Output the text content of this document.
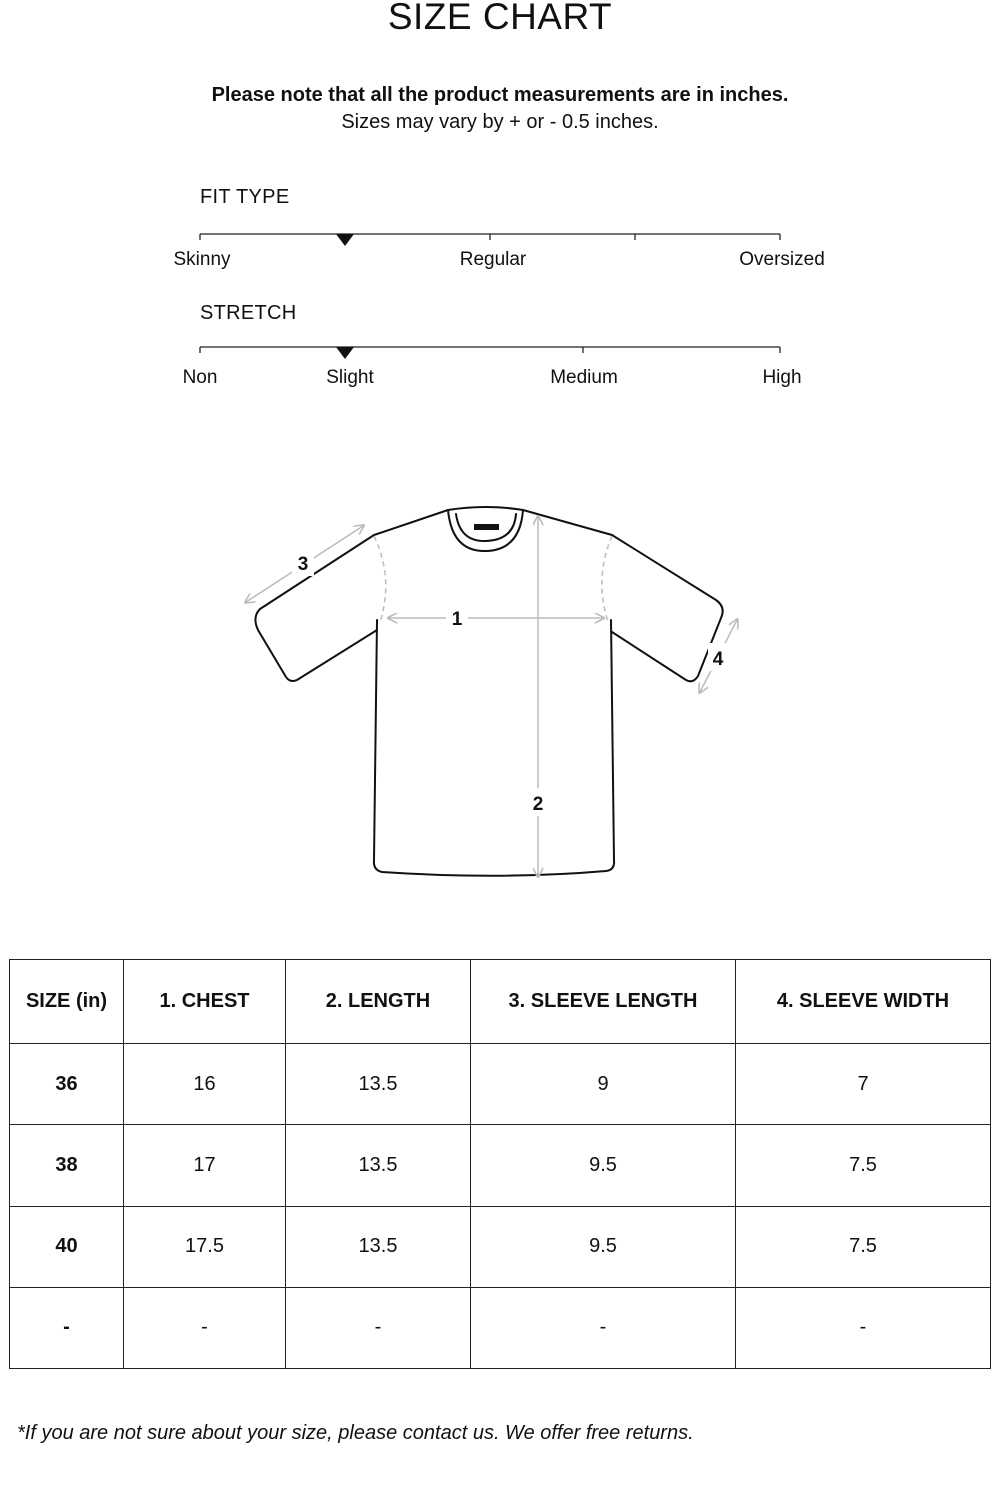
SIZE CHART
Please note that all the product measurements are in inches.
Sizes may vary by + or - 0.5 inches.
FIT TYPE
Skinny	Regular	Oversized
STRETCH
Non	Slight	Medium	High
1
2
3
4
SIZE (in)	1. CHEST	2. LENGTH	3. SLEEVE LENGTH	4. SLEEVE WIDTH
36	16	13.5	9	7
38	17	13.5	9.5	7.5
40	17.5	13.5	9.5	7.5
-	-	-	-	-
*If you are not sure about your size, please contact us. We offer free returns.
